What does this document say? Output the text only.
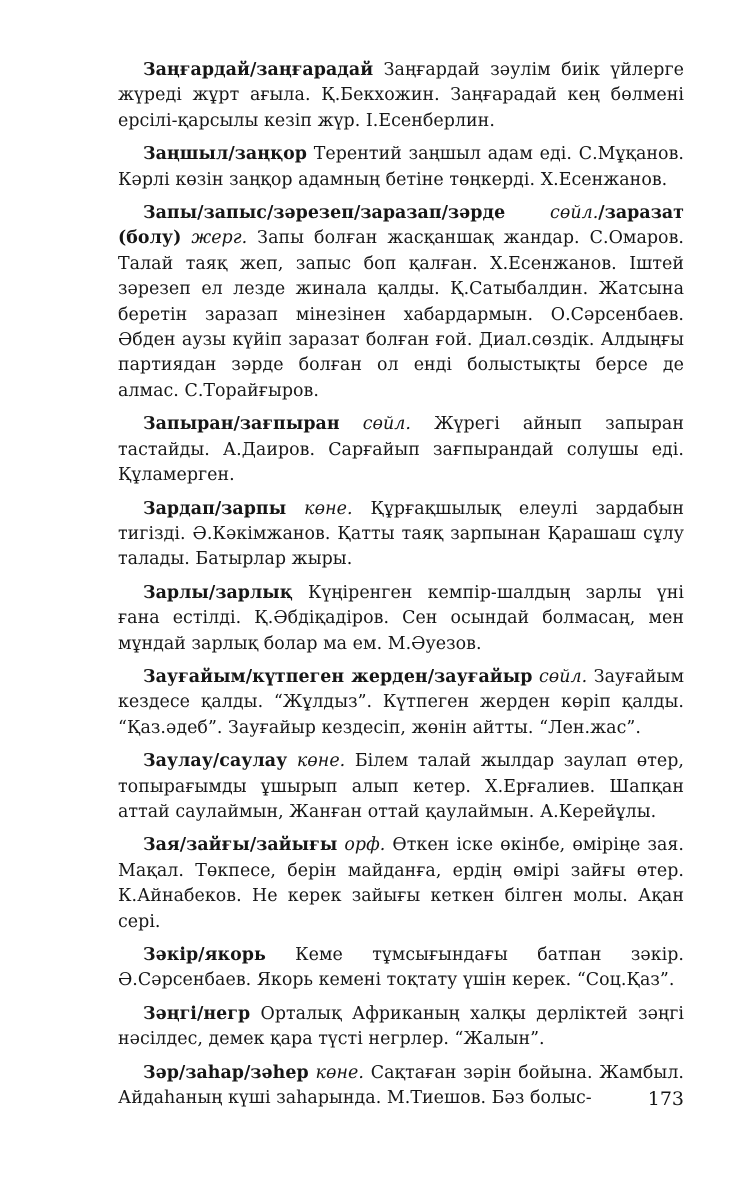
Заңғардай/заңғарадай Заңғардай зәулім биік үйлерге жүреді жұрт ағыла. Қ.Бекхожин. Заңғарадай кең бөлмені ерсілі-қарсылы кезіп жүр. І.Есенберлин.

Заңшыл/заңқор Терентий заңшыл адам еді. С.Мұқанов. Кәрлі көзін заңқор адамның бетіне төңкерді. Х.Есенжанов.

Запы/запыс/зәрезеп/заразап/зәрде сөйл./заразат (болу) жерг. Запы болған жасқаншақ жандар. С.Омаров. Талай таяқ жеп, запыс боп қалған. Х.Есенжанов. Іштей зәрезеп ел лезде жинала қалды. Қ.Сатыбалдин. Жатсына беретін заразап мінезінен хабардармын. О.Сәрсенбаев. Әбден аузы күйіп заразат болған ғой. Диал.сөздік. Алдыңғы партиядан зәрде болған ол енді болыстықты берсе де алмас. С.Торайғыров.

Запыран/зағпыран сөйл. Жүрегі айнып запыран тастайды. А.Даиров. Сарғайып зағпырандай солушы еді. Құламерген.

Зардап/зарпы көне. Құрғақшылық елеулі зардабын тигізді. Ә.Кәкімжанов. Қатты таяқ зарпынан Қарашаш сұлу талады. Батырлар жыры.

Зарлы/зарлық Күңіренген кемпір-шалдың зарлы үні ғана естілді. Қ.Әбдіқадіров. Сен осындай болмасаң, мен мұндай зарлық болар ма ем. М.Әуезов.

Зауғайым/күтпеген жерден/зауғайыр сөйл. Зауғайым кездесе қалды. “Жұлдыз”. Күтпеген жерден көріп қалды. “Қаз.әдеб”. Зауғайыр кездесіп, жөнін айтты. “Лен.жас”.

Заулау/саулау көне. Білем талай жылдар заулап өтер, топырағымды ұшырып алып кетер. Х.Ерғалиев. Шапқан аттай саулаймын, Жанған оттай қаулаймын. А.Керейұлы.

Зая/зайғы/зайығы орф. Өткен іске өкінбе, өміріңе зая. Мақал. Төкпесе, берін майданға, ердің өмірі зайғы өтер. К.Айнабеков. Не керек зайығы кеткен білген молы. Ақан сері.

Зәкір/якорь Кеме тұмсығындағы батпан зәкір. Ә.Сәрсенбаев. Якорь кемені тоқтату үшін керек. “Соц.Қаз”.

Зәңгі/негр Орталық Африканың халқы дерліктей зәңгі нәсілдес, демек қара түсті негрлер. “Жалын”.

Зәр/заһар/зәһер көне. Сақтаған зәрін бойына. Жамбыл. Айдаһаның күші заһарында. М.Тиешов. Бәз болыс-	173
